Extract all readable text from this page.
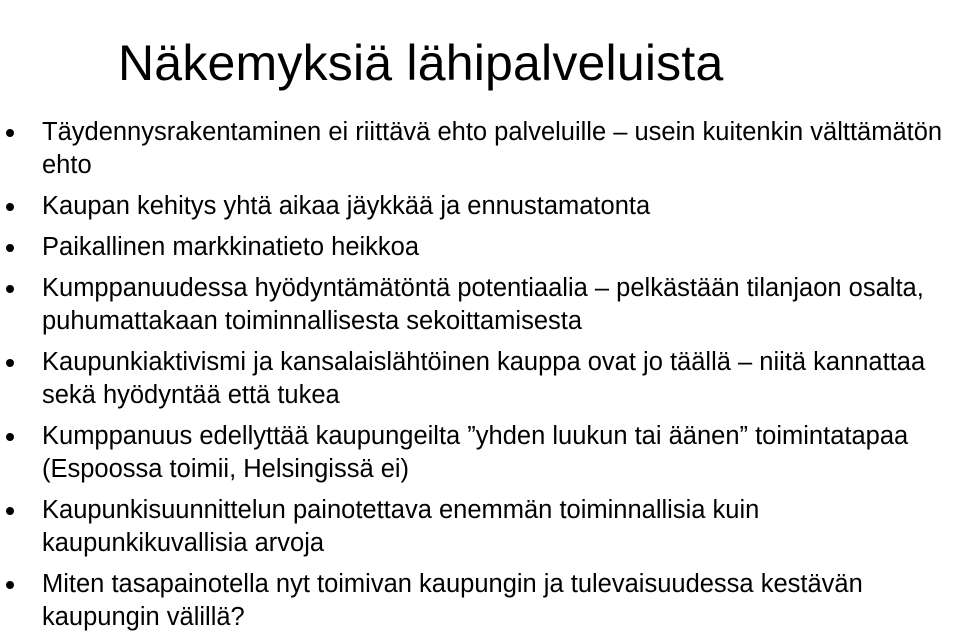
Näkemyksiä lähipalveluista
Täydennysrakentaminen ei riittävä ehto palveluille – usein kuitenkin välttämätön ehto
Kaupan kehitys yhtä aikaa jäykkää ja ennustamatonta
Paikallinen markkinatieto heikkoa
Kumppanuudessa hyödyntämätöntä potentiaalia – pelkästään tilanjaon osalta, puhumattakaan toiminnallisesta sekoittamisesta
Kaupunkiaktivismi ja kansalaislähtöinen kauppa ovat jo täällä – niitä kannattaa sekä hyödyntää että tukea
Kumppanuus edellyttää kaupungeilta ”yhden luukun tai äänen” toimintatapaa (Espoossa toimii, Helsingissä ei)
Kaupunkisuunnittelun painotettava enemmän toiminnallisia kuin kaupunkikuvallisia arvoja
Miten tasapainotella nyt toimivan kaupungin ja tulevaisuudessa kestävän kaupungin välillä?
